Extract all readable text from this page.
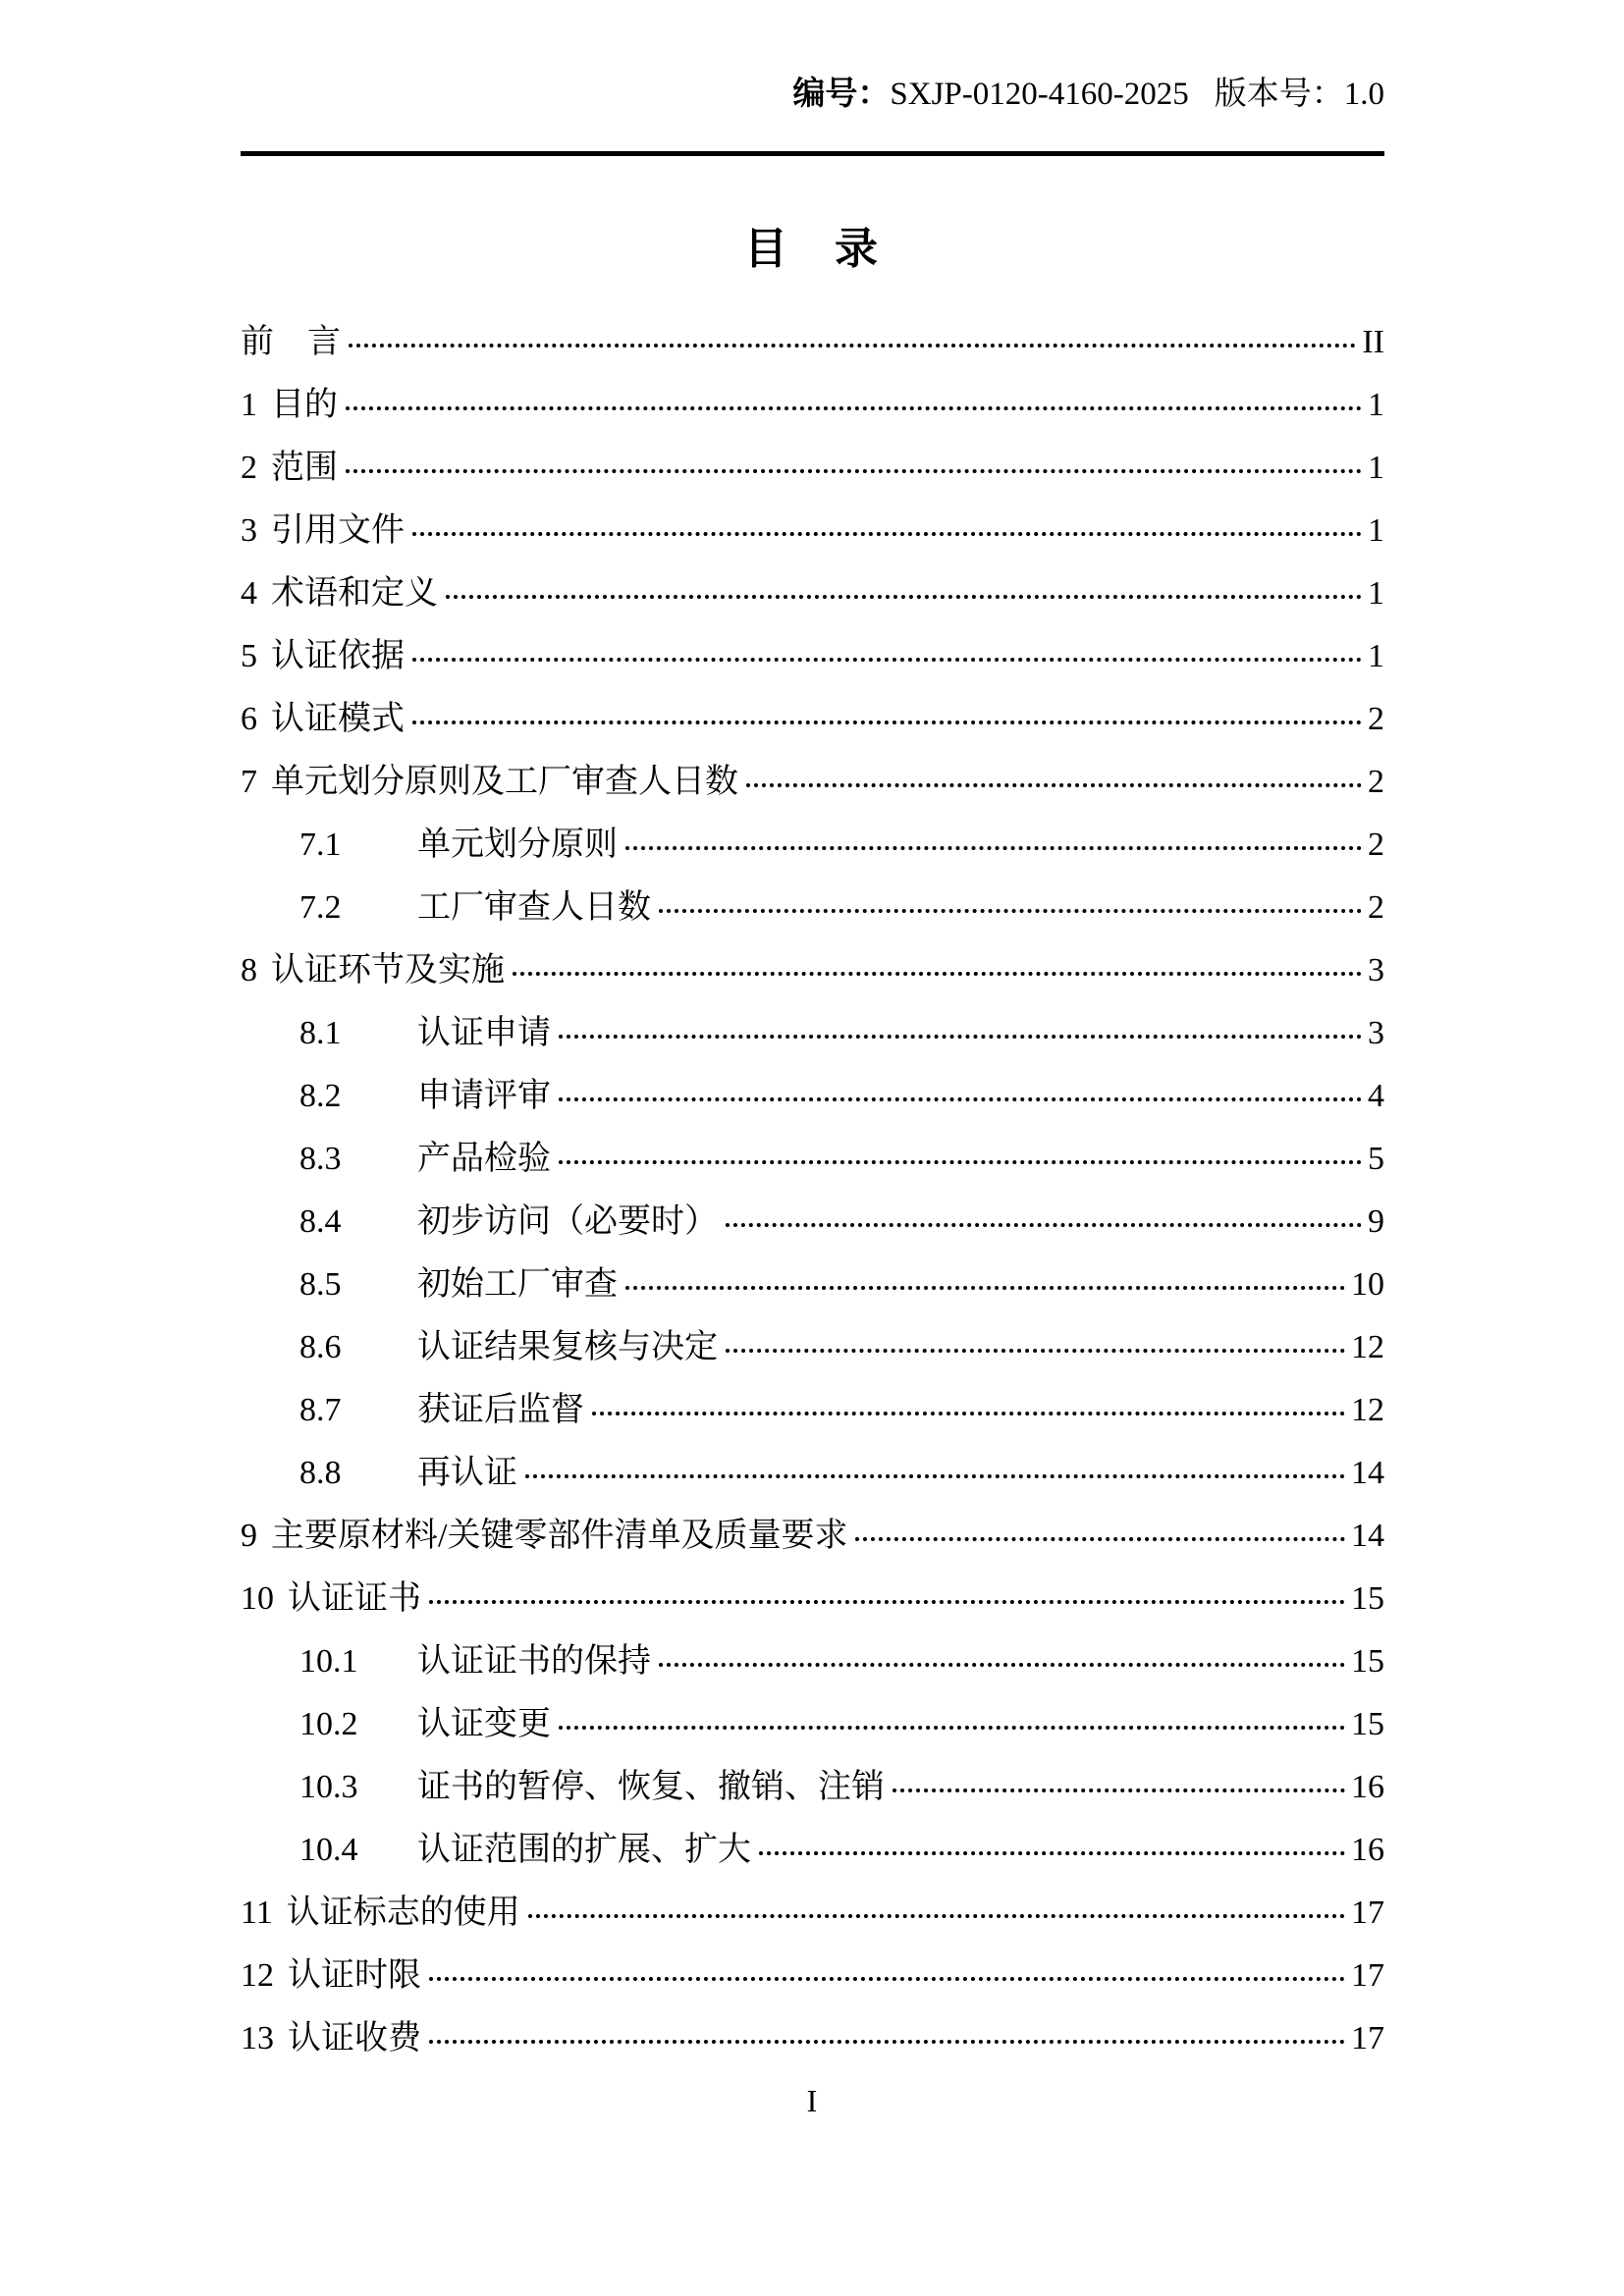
编号：SXJP-0120-4160-2025 版本号：1.0
目　录
前　言	II
1 目的	1
2 范围	1
3 引用文件	1
4 术语和定义	1
5 认证依据	1
6 认证模式	2
7 单元划分原则及工厂审查人日数	2
7.1	单元划分原则	2
7.2	工厂审查人日数	2
8 认证环节及实施	3
8.1	认证申请	3
8.2	申请评审	4
8.3	产品检验	5
8.4	初步访问（必要时）	9
8.5	初始工厂审查	10
8.6	认证结果复核与决定	12
8.7	获证后监督	12
8.8	再认证	14
9 主要原材料/关键零部件清单及质量要求	14
10 认证证书	15
10.1	认证证书的保持	15
10.2	认证变更	15
10.3	证书的暂停、恢复、撤销、注销	16
10.4	认证范围的扩展、扩大	16
11 认证标志的使用	17
12 认证时限	17
13 认证收费	17
I
